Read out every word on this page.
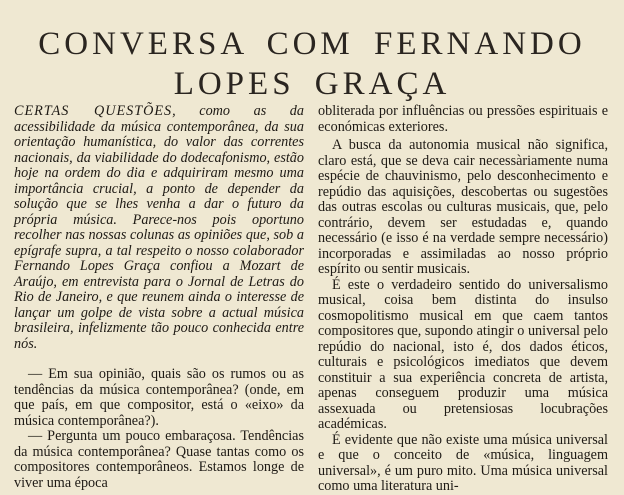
CONVERSA COM FERNANDO
LOPES GRAÇA

CERTAS QUESTÕES, como as da acessibilidade da música contemporânea, da sua orientação humanística, do valor das correntes nacionais, da viabilidade do dodecafonismo, estão hoje na ordem do dia e adquiriram mesmo uma importância crucial, a ponto de depender da solução que se lhes venha a dar o futuro da própria música. Parece-nos pois oportuno recolher nas nossas colunas as opiniões que, sob a epígrafe supra, a tal respeito o nosso colaborador Fernando Lopes Graça confiou a Mozart de Araújo, em entrevista para o Jornal de Letras do Rio de Janeiro, e que reunem ainda o interesse de lançar um golpe de vista sobre a actual música brasileira, infelizmente tão pouco conhecida entre nós.

— Em sua opinião, quais são os rumos ou as tendências da música contemporânea? (onde, em que país, em que compositor, está o «eixo» da música contemporânea?).

— Pergunta um pouco embaraçosa. Tendências da música contemporânea? Quase tantas como os compositores contemporâneos. Estamos longe de viver uma época

obliterada por influências ou pressões espirituais e económicas exteriores.

A busca da autonomia musical não significa, claro está, que se deva cair necessàriamente numa espécie de chauvinismo, pelo desconhecimento e repúdio das aquisições, descobertas ou sugestões das outras escolas ou culturas musicais, que, pelo contrário, devem ser estudadas e, quando necessário (e isso é na verdade sempre necessário) incorporadas e assimiladas ao nosso próprio espírito ou sentir musicais.

É este o verdadeiro sentido do universalismo musical, coisa bem distinta do insulso cosmopolitismo musical em que caem tantos compositores que, supondo atingir o universal pelo repúdio do nacional, isto é, dos dados éticos, culturais e psicológicos imediatos que devem constituir a sua experiência concreta de artista, apenas conseguem produzir uma música assexuada ou pretensiosas locubrações académicas.

É evidente que não existe uma música universal e que o conceito de «música, linguagem universal», é um puro mito. Uma música universal como uma literatura uni-
